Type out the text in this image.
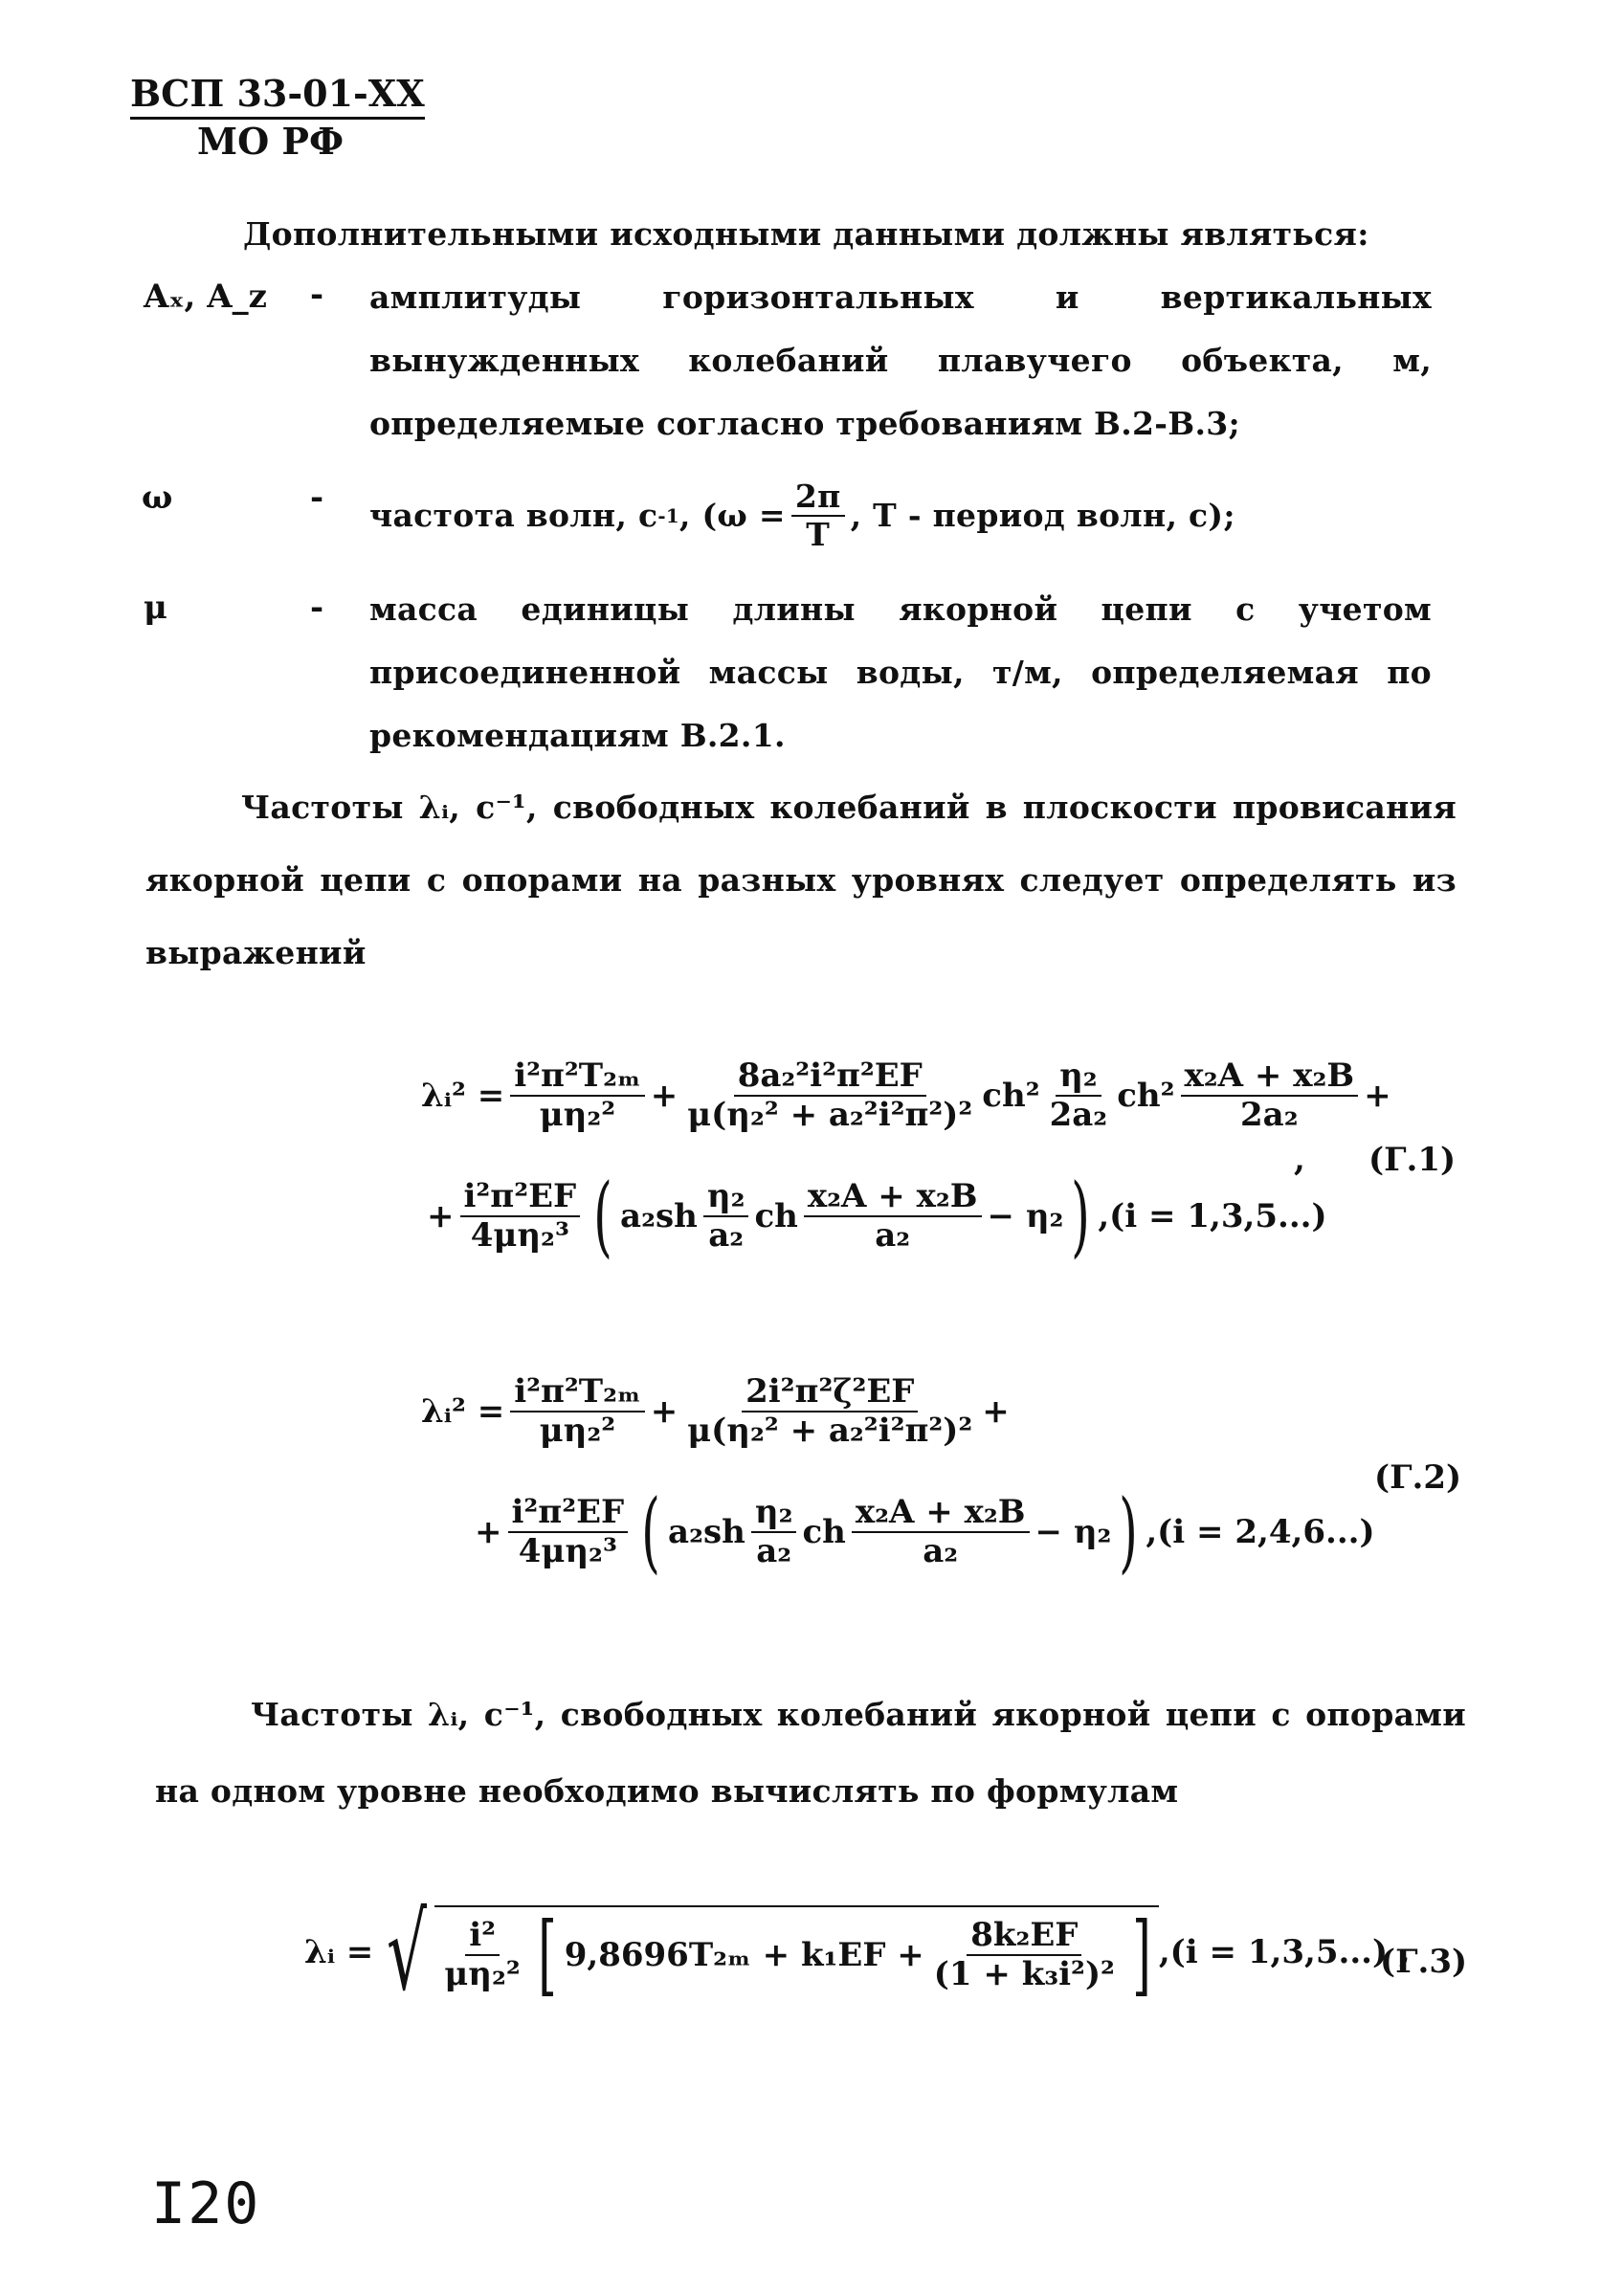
ВСП 33-01-ХХ
МО РФ
Дополнительными исходными данными должны являться:
Aₓ, A_z - амплитуды горизонтальных и вертикальных вынужденных колебаний плавучего объекта, м, определяемые согласно требованиям В.2-В.3;
ω	- частота волн, с -1 , ($\omega = \frac{2\pi}{T}$ , T - период волн, с);
μ	- масса единицы длины якорной цепи с учетом присоединенной массы воды, т/м, определяемая по рекомендациям В.2.1.
Частоты λᵢ, с⁻¹, свободных колебаний в плоскости провисания якорной цепи с опорами на разных уровнях следует определять из выражений
λᵢ² = $\frac{\text{i²π²T₂ₘ}}{\text{μη₂²}} + \frac{\text{8a₂²i²π²EF}}{\text{μ(η₂² + a₂²i²π²)²}} ch^2 \frac{\text{η₂}}{\text{2a₂}} ch^2 \frac{\text{x₂A + x₂B}}{\text{2a₂}}$ +
, (Г.1)
+ $\frac{\text{i²π²EF}}{\text{4μη₂³}}$ ( $a_2sh \frac{\text{η₂}}{\text{a₂}}$ ch $\frac{\text{x₂A + x₂B}}{\text{a₂}} - \eta_2$ ) ,(i = 1,3,5...)
λᵢ² = $\frac{\text{i²π²T₂ₘ}}{\text{μη₂²}} + \frac{\text{2i²π²ζ²EF}}{\text{μ(η₂² + a₂²i²π²)²}}$ +
(Г.2)
+ $\frac{\text{i²π²EF}}{\text{4μη₂³}}$ ( $a_2sh \frac{\text{η₂}}{\text{a₂}}$ ch $\frac{\text{x₂A + x₂B}}{\text{a₂}} - \eta_2$ ) ,(i = 2,4,6...)
Частоты λᵢ, с⁻¹, свободных колебаний якорной цепи с опорами на одном уровне необходимо вычислять по формулам
λᵢ = √ $\frac{\text{i²}}{\text{μη₂²}}$ [ $9,8696T_{2m} + k_1EF + \frac{\text{8k₂EF}}{\text{(1 + k₃i²)²}}$ ] ,(i = 1,3,5...) ,
(Г.3)
I20
